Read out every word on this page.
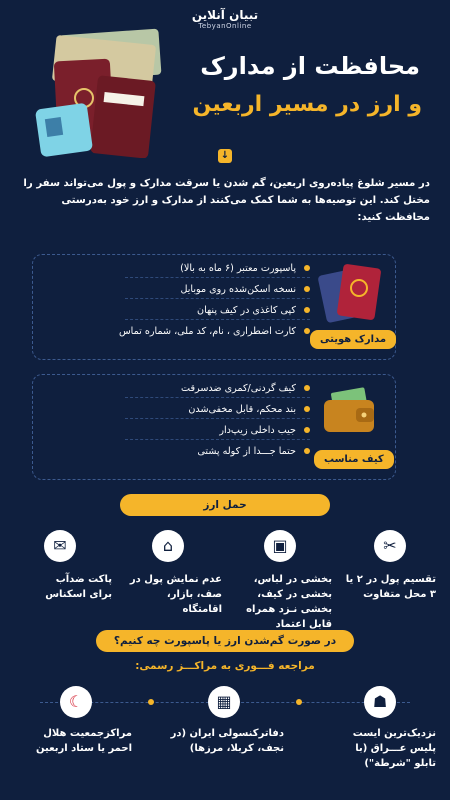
تبیان آنلاین
TebyanOnline
محافظت از مدارک
و ارز در مسیر اربعین
↓
در مسیر شلوغ پیاده‌روی اربعین، گم شدن یا سرقت مدارک و پول می‌تواند سفر را مختل کند. این توصیه‌ها به شما کمک می‌کنند از مدارک و ارز خود به‌درستی محافظت کنید:
پاسپورت معتبر (۶ ماه به بالا)
نسخه اسکن‌شده روی موبایل
کپی کاغذی در کیف پنهان
کارت اضطراری ، نام، کد ملی، شماره تماس
مدارک هویتی
کیف گردنی/کمری ضدسرقت
بند محکم، قابل مخفی‌شدن
جیب داخلی زیپ‌دار
حتما جـــدا از کوله پشتی
کیف مناسب
حمل ارز
✂
تقسیم پول در ۲ یا ۳ محل متفاوت
▣
بخشی در لباس، بخشی در کیف، بخشی نـزد همراه قابل اعتماد
⌂
عدم نمایش پول در صف، بازار، اقامتگاه
✉
پاکت ضدآب برای اسکناس
در صورت گم‌شدن ارز یا پاسپورت چه کنیم؟
مراجعه فـــوری به مراکـــز رسمی:
☗
نزدیک‌ترین ایست پلیس عـــراق (با تابلو "شرطة")
▦
دفاترکنسولی ایران (در نجف، کربلا، مرزها)
☾
مراکزجمعیت هلال احمر یا ستاد اربعین
